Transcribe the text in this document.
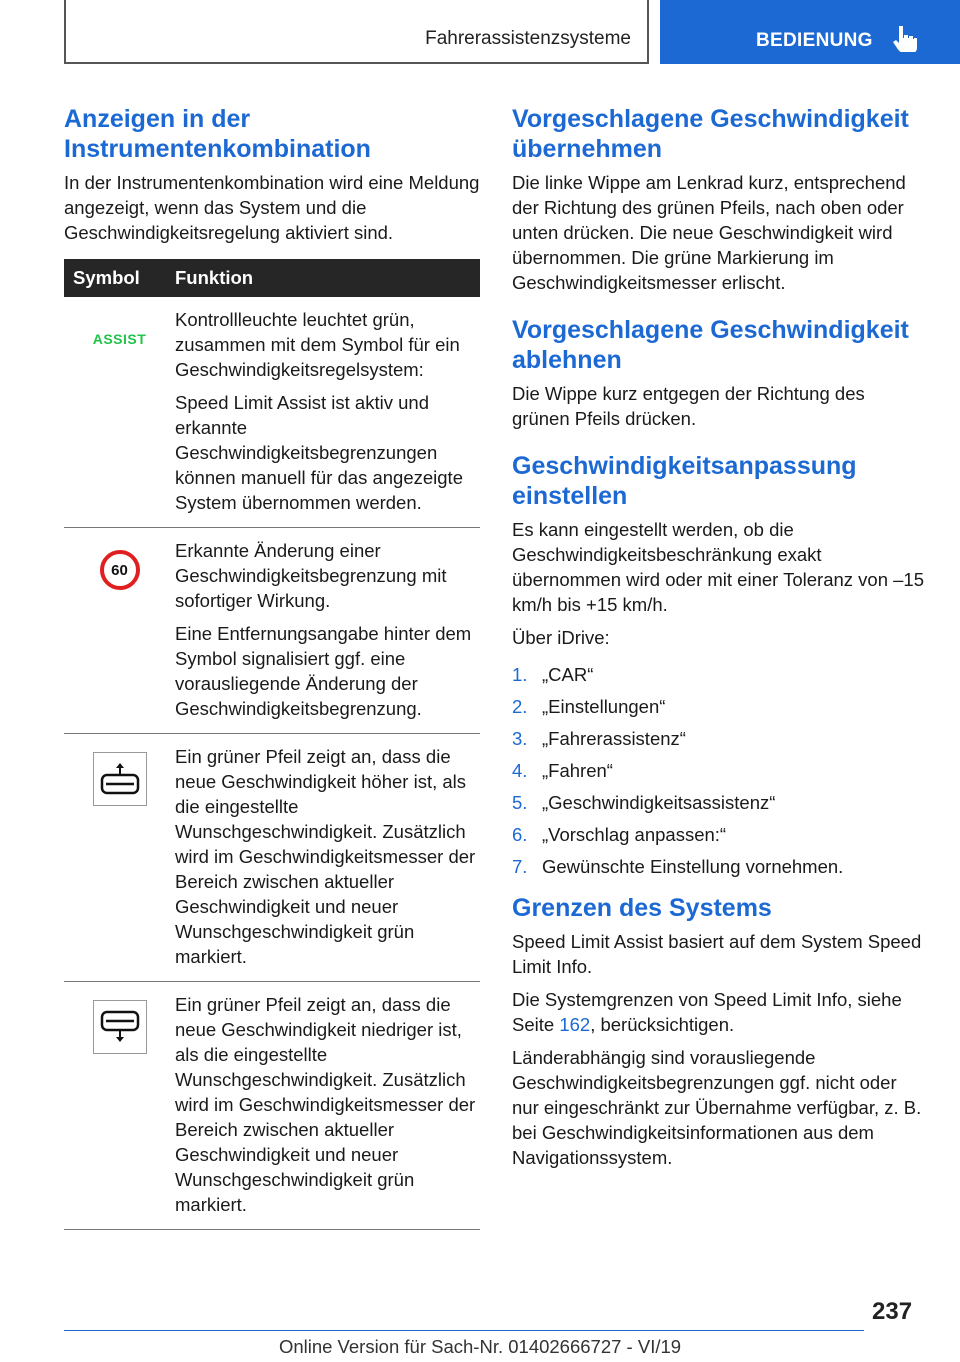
Fahrerassistenzsysteme	BEDIENUNG
Anzeigen in der Instrumentenkombination

In der Instrumentenkombination wird eine Meldung angezeigt, wenn das System und die Geschwindigkeitsregelung aktiviert sind.

Symbol	Funktion
ASSIST

Kontrollleuchte leuchtet grün, zusammen mit dem Symbol für ein Geschwindigkeitsregelsystem:

Speed Limit Assist ist aktiv und erkannte Geschwindigkeitsbegrenzungen können manuell für das angezeigte System übernommen werden.

60

Erkannte Änderung einer Geschwindigkeitsbegrenzung mit sofortiger Wirkung.

Eine Entfernungsangabe hinter dem Symbol signalisiert ggf. eine vorausliegende Änderung der Geschwindigkeitsbegrenzung.

Ein grüner Pfeil zeigt an, dass die neue Geschwindigkeit höher ist, als die eingestellte Wunschgeschwindigkeit. Zusätzlich wird im Geschwindigkeitsmesser der Bereich zwischen aktueller Geschwindigkeit und neuer Wunschgeschwindigkeit grün markiert.

Ein grüner Pfeil zeigt an, dass die neue Geschwindigkeit niedriger ist, als die eingestellte Wunschgeschwindigkeit. Zusätzlich wird im Geschwindigkeitsmesser der Bereich zwischen aktueller Geschwindigkeit und neuer Wunschgeschwindigkeit grün markiert.

Vorgeschlagene Geschwindigkeit übernehmen

Die linke Wippe am Lenkrad kurz, entsprechend der Richtung des grünen Pfeils, nach oben oder unten drücken. Die neue Geschwindigkeit wird übernommen. Die grüne Markierung im Geschwindigkeitsmesser erlischt.

Vorgeschlagene Geschwindigkeit ablehnen

Die Wippe kurz entgegen der Richtung des grünen Pfeils drücken.

Geschwindigkeitsanpassung einstellen

Es kann eingestellt werden, ob die Geschwindigkeitsbeschränkung exakt übernommen wird oder mit einer Toleranz von –15 km/h bis +15 km/h.

Über iDrive:

1. „CAR“
2. „Einstellungen“
3. „Fahrerassistenz“
4. „Fahren“
5. „Geschwindigkeitsassistenz“
6. „Vorschlag anpassen:“
7. Gewünschte Einstellung vornehmen.
Grenzen des Systems

Speed Limit Assist basiert auf dem System Speed Limit Info.

Die Systemgrenzen von Speed Limit Info, siehe Seite 162, berücksichtigen.

Länderabhängig sind vorausliegende Geschwindigkeitsbegrenzungen ggf. nicht oder nur eingeschränkt zur Übernahme verfügbar, z. B. bei Geschwindigkeitsinformationen aus dem Navigationssystem.

237
Online Version für Sach-Nr. 01402666727 - VI/19
